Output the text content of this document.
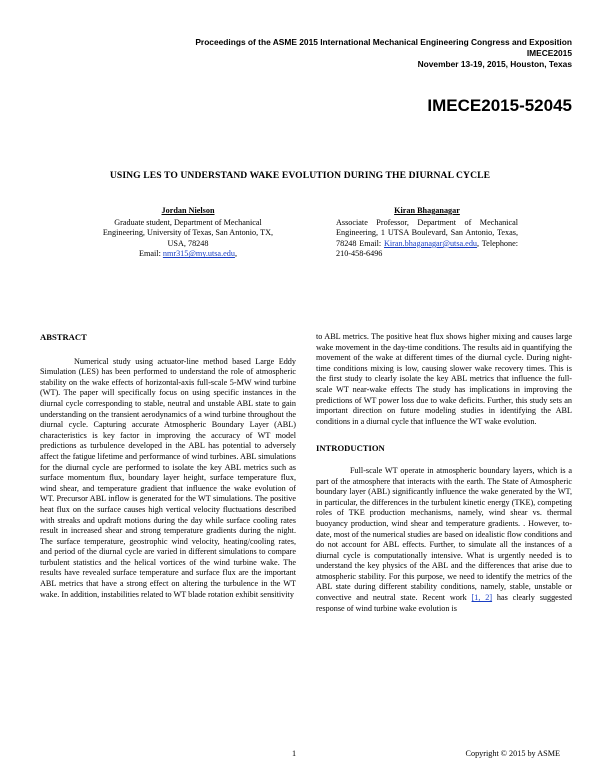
Proceedings of the ASME 2015 International Mechanical Engineering Congress and Exposition
IMECE2015
November 13-19, 2015, Houston, Texas
IMECE2015-52045
USING LES TO UNDERSTAND WAKE EVOLUTION DURING THE DIURNAL CYCLE
Jordan Nielson
Graduate student, Department of Mechanical
Engineering, University of Texas, San Antonio, TX,
USA, 78248
Email: nmr315@my.utsa.edu,
Kiran Bhaganagar
Associate Professor, Department of Mechanical Engineering, 1 UTSA Boulevard, San Antonio, Texas, 78248 Email: Kiran.bhaganagar@utsa.edu, Telephone: 210-458-6496
ABSTRACT

Numerical study using actuator-line method based Large Eddy Simulation (LES) has been performed to understand the role of atmospheric stability on the wake effects of horizontal-axis full-scale 5-MW wind turbine (WT). The paper will specifically focus on using specific instances in the diurnal cycle corresponding to stable, neutral and unstable ABL state to gain understanding on the transient aerodynamics of a wind turbine throughout the diurnal cycle. Capturing accurate Atmospheric Boundary Layer (ABL) characteristics is key factor in improving the accuracy of WT model predictions as turbulence developed in the ABL has potential to adversely affect the fatigue lifetime and performance of wind turbines. ABL simulations for the diurnal cycle are performed to isolate the key ABL metrics such as surface momentum flux, boundary layer height, surface temperature flux, wind shear, and temperature gradient that influence the wake evolution of WT. Precursor ABL inflow is generated for the WT simulations. The positive heat flux on the surface causes high vertical velocity fluctuations described with streaks and updraft motions during the day while surface cooling rates result in increased shear and strong temperature gradients during the night. The surface temperature, geostrophic wind velocity, heating/cooling rates, and period of the diurnal cycle are varied in different simulations to compare turbulent statistics and the helical vortices of the wind turbine wake. The results have revealed surface temperature and surface flux are the important ABL metrics that have a strong effect on altering the turbulence in the WT wake. In addition, instabilities related to WT blade rotation exhibit sensitivity

to ABL metrics. The positive heat flux shows higher mixing and causes large wake movement in the day-time conditions. The results aid in quantifying the movement of the wake at different times of the diurnal cycle. During night-time conditions mixing is low, causing slower wake recovery times. This is the first study to clearly isolate the key ABL metrics that influence the full-scale WT near-wake effects The study has implications in improving the predictions of WT power loss due to wake deficits. Further, this study sets an important direction on future modeling studies in identifying the ABL conditions in a diurnal cycle that influence the WT wake evolution.

INTRODUCTION

Full-scale WT operate in atmospheric boundary layers, which is a part of the atmosphere that interacts with the earth. The State of Atmospheric boundary layer (ABL) significantly influence the wake generated by the WT, in particular, the differences in the turbulent kinetic energy (TKE), competing roles of TKE production mechanisms, namely, wind shear vs. thermal buoyancy production, wind shear and temperature gradients. . However, to-date, most of the numerical studies are based on idealistic flow conditions and do not account for ABL effects. Further, to simulate all the instances of a diurnal cycle is computationally intensive. What is urgently needed is to understand the key physics of the ABL and the differences that arise due to atmospheric stability. For this purpose, we need to identify the metrics of the ABL state during different stability conditions, namely, stable, unstable or convective and neutral state. Recent work [1, 2] has clearly suggested response of wind turbine wake evolution is

1	Copyright © 2015 by ASME
